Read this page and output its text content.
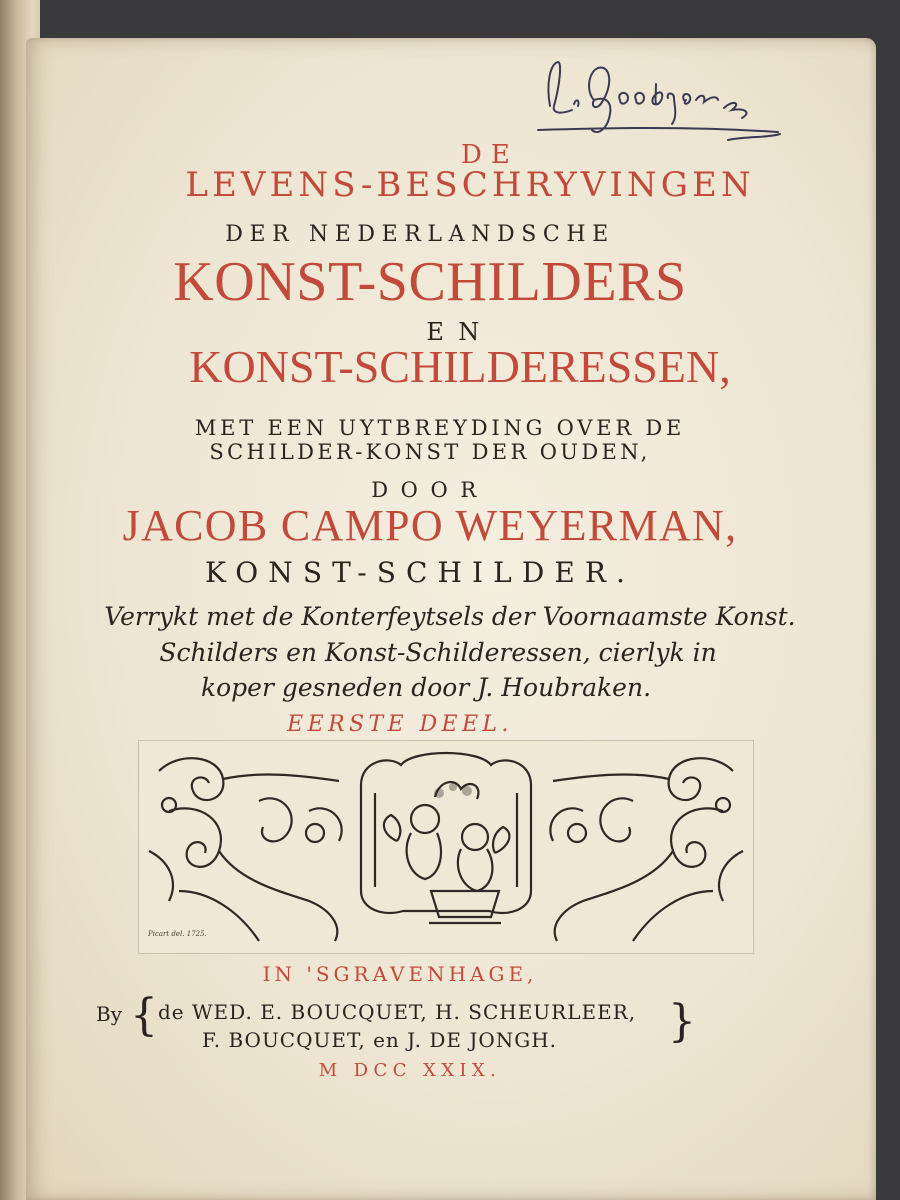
DE
LEVENS-BESCHRYVINGEN
DER NEDERLANDSCHE
KONST-SCHILDERS
EN
KONST-SCHILDERESSEN,
MET EEN UYTBREYDING OVER DE
SCHILDER-KONST DER OUDEN,
DOOR
JACOB CAMPO WEYERMAN,
KONST-SCHILDER.
Verrykt met de Konterfeytsels der Voornaamste Konst.
Schilders en Konst-Schilderessen, cierlyk in
koper gesneden door J. Houbraken.
EERSTE DEEL.
Picart del. 1725.
IN 'SGRAVENHAGE,
By { de WED. E. BOUCQUET, H. SCHEURLEER,
F. BOUCQUET, en J. DE JONGH.	}
M DCC XXIX.
